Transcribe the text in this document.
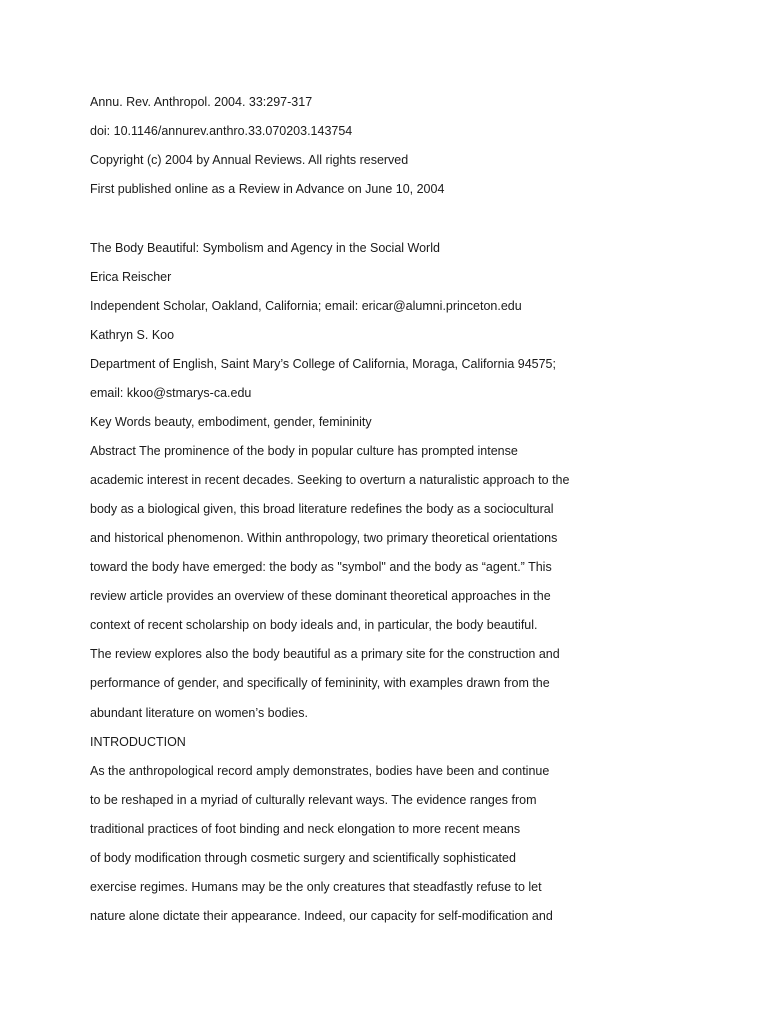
Annu. Rev. Anthropol. 2004. 33:297-317

doi: 10.1146/annurev.anthro.33.070203.143754

Copyright (c) 2004 by Annual Reviews. All rights reserved

First published online as a Review in Advance on June 10, 2004

The Body Beautiful: Symbolism and Agency in the Social World

Erica Reischer

Independent Scholar, Oakland, California; email: ericar@alumni.princeton.edu

Kathryn S. Koo

Department of English, Saint Mary’s College of California, Moraga, California 94575;

email: kkoo@stmarys-ca.edu

Key Words beauty, embodiment, gender, femininity

Abstract The prominence of the body in popular culture has prompted intense

academic interest in recent decades. Seeking to overturn a naturalistic approach to the

body as a biological given, this broad literature redefines the body as a sociocultural

and historical phenomenon. Within anthropology, two primary theoretical orientations

toward the body have emerged: the body as "symbol" and the body as “agent.” This

review article provides an overview of these dominant theoretical approaches in the

context of recent scholarship on body ideals and, in particular, the body beautiful.

The review explores also the body beautiful as a primary site for the construction and

performance of gender, and specifically of femininity, with examples drawn from the

abundant literature on women’s bodies.

INTRODUCTION

As the anthropological record amply demonstrates, bodies have been and continue

to be reshaped in a myriad of culturally relevant ways. The evidence ranges from

traditional practices of foot binding and neck elongation to more recent means

of body modification through cosmetic surgery and scientifically sophisticated

exercise regimes. Humans may be the only creatures that steadfastly refuse to let

nature alone dictate their appearance. Indeed, our capacity for self-modification and
